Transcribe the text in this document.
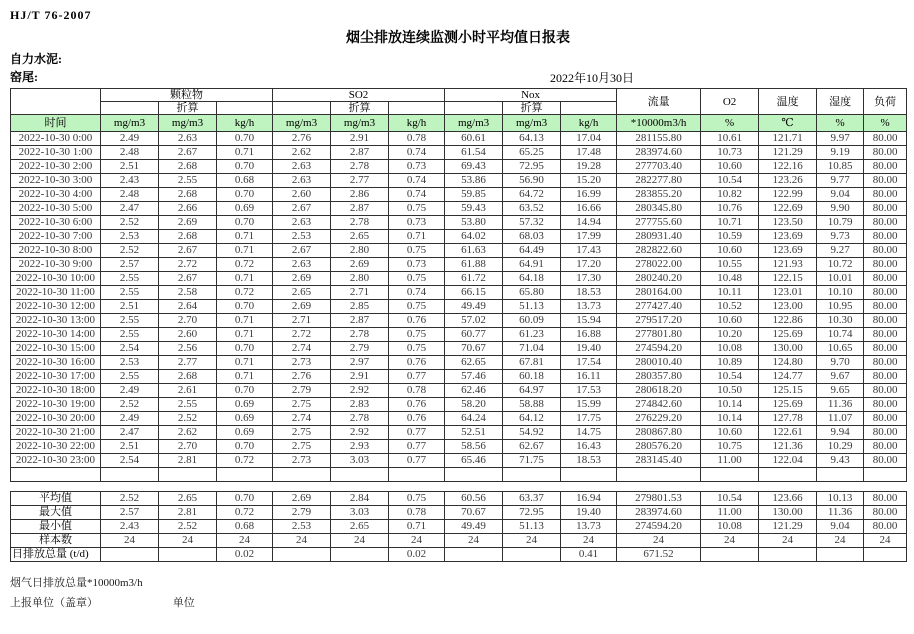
HJ/T 76-2007
烟尘排放连续监测小时平均值日报表
自力水泥:
窑尾:	2022年10月30日
	颗粒物			SO2			Nox			流量	O2	温度	湿度	负荷
		折算			折算			折算						
时间	mg/m3	mg/m3	kg/h	mg/m3	mg/m3	kg/h	mg/m3	mg/m3	kg/h	*10000m3/h	%	℃	%	%
2022-10-30 0:00	2.49	2.63	0.70	2.76	2.91	0.78	60.61	64.13	17.04	281155.80	10.61	121.71	9.97	80.00
2022-10-30 1:00	2.48	2.67	0.71	2.62	2.87	0.74	61.54	65.25	17.48	283974.60	10.73	121.29	9.19	80.00
2022-10-30 2:00	2.51	2.68	0.70	2.63	2.78	0.73	69.43	72.95	19.28	277703.40	10.60	122.16	10.85	80.00
2022-10-30 3:00	2.43	2.55	0.68	2.63	2.77	0.74	53.86	56.90	15.20	282277.80	10.54	123.26	9.77	80.00
2022-10-30 4:00	2.48	2.68	0.70	2.60	2.86	0.74	59.85	64.72	16.99	283855.20	10.82	122.99	9.04	80.00
2022-10-30 5:00	2.47	2.66	0.69	2.67	2.87	0.75	59.43	63.52	16.66	280345.80	10.76	122.69	9.90	80.00
2022-10-30 6:00	2.52	2.69	0.70	2.63	2.78	0.73	53.80	57.32	14.94	277755.60	10.71	123.50	10.79	80.00
2022-10-30 7:00	2.53	2.68	0.71	2.53	2.65	0.71	64.02	68.03	17.99	280931.40	10.59	123.69	9.73	80.00
2022-10-30 8:00	2.52	2.67	0.71	2.67	2.80	0.75	61.63	64.49	17.43	282822.60	10.60	123.69	9.27	80.00
2022-10-30 9:00	2.57	2.72	0.72	2.63	2.69	0.73	61.88	64.91	17.20	278022.00	10.55	121.93	10.72	80.00
2022-10-30 10:00	2.55	2.67	0.71	2.69	2.80	0.75	61.72	64.18	17.30	280240.20	10.48	122.15	10.01	80.00
2022-10-30 11:00	2.55	2.58	0.72	2.65	2.71	0.74	66.15	65.80	18.53	280164.00	10.11	123.01	10.10	80.00
2022-10-30 12:00	2.51	2.64	0.70	2.69	2.85	0.75	49.49	51.13	13.73	277427.40	10.52	123.00	10.95	80.00
2022-10-30 13:00	2.55	2.70	0.71	2.71	2.87	0.76	57.02	60.09	15.94	279517.20	10.60	122.86	10.30	80.00
2022-10-30 14:00	2.55	2.60	0.71	2.72	2.78	0.75	60.77	61.23	16.88	277801.80	10.20	125.69	10.74	80.00
2022-10-30 15:00	2.54	2.56	0.70	2.74	2.79	0.75	70.67	71.04	19.40	274594.20	10.08	130.00	10.65	80.00
2022-10-30 16:00	2.53	2.77	0.71	2.73	2.97	0.76	62.65	67.81	17.54	280010.40	10.89	124.80	9.70	80.00
2022-10-30 17:00	2.55	2.68	0.71	2.76	2.91	0.77	57.46	60.18	16.11	280357.80	10.54	124.77	9.67	80.00
2022-10-30 18:00	2.49	2.61	0.70	2.79	2.92	0.78	62.46	64.97	17.53	280618.20	10.50	125.15	9.65	80.00
2022-10-30 19:00	2.52	2.55	0.69	2.75	2.83	0.76	58.20	58.88	15.99	274842.60	10.14	125.69	11.36	80.00
2022-10-30 20:00	2.49	2.52	0.69	2.74	2.78	0.76	64.24	64.12	17.75	276229.20	10.14	127.78	11.07	80.00
2022-10-30 21:00	2.47	2.62	0.69	2.75	2.92	0.77	52.51	54.92	14.75	280867.80	10.60	122.61	9.94	80.00
2022-10-30 22:00	2.51	2.70	0.70	2.75	2.93	0.77	58.56	62.67	16.43	280576.20	10.75	121.36	10.29	80.00
2022-10-30 23:00	2.54	2.81	0.72	2.73	3.03	0.77	65.46	71.75	18.53	283145.40	11.00	122.04	9.43	80.00

平均值	2.52	2.65	0.70	2.69	2.84	0.75	60.56	63.37	16.94	279801.53	10.54	123.66	10.13	80.00
最大值	2.57	2.81	0.72	2.79	3.03	0.78	70.67	72.95	19.40	283974.60	11.00	130.00	11.36	80.00
最小值	2.43	2.52	0.68	2.53	2.65	0.71	49.49	51.13	13.73	274594.20	10.08	121.29	9.04	80.00
样本数	24	24	24	24	24	24	24	24	24	24	24	24	24	24
日排放总量 (t/d)			0.02			0.02			0.41	671.52				
烟气日排放总量*10000m3/h
上报单位（盖章）	单位
